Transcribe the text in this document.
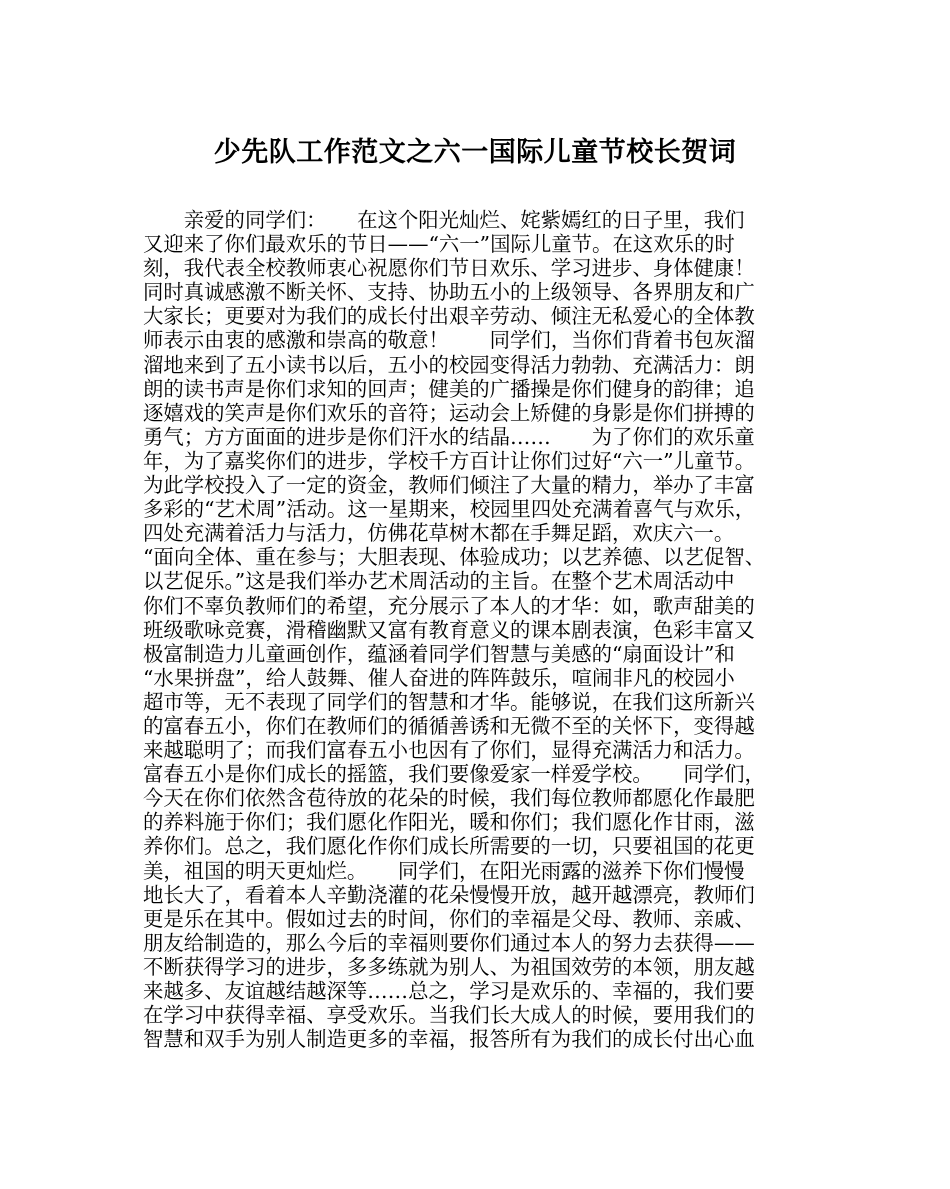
少先队工作范文之六一国际儿童节校长贺词
　　亲爱的同学们：　　在这个阳光灿烂、姹紫嫣红的日子里，我们
又迎来了你们最欢乐的节日——“六一”国际儿童节。在这欢乐的时
刻，我代表全校教师衷心祝愿你们节日欢乐、学习进步、身体健康！
同时真诚感激不断关怀、支持、协助五小的上级领导、各界朋友和广
大家长；更要对为我们的成长付出艰辛劳动、倾注无私爱心的全体教
师表示由衷的感激和崇高的敬意！　　同学们，当你们背着书包灰溜
溜地来到了五小读书以后，五小的校园变得活力勃勃、充满活力：朗
朗的读书声是你们求知的回声；健美的广播操是你们健身的韵律；追
逐嬉戏的笑声是你们欢乐的音符；运动会上矫健的身影是你们拼搏的
勇气；方方面面的进步是你们汗水的结晶……　　为了你们的欢乐童
年，为了嘉奖你们的进步，学校千方百计让你们过好“六一”儿童节。
为此学校投入了一定的资金，教师们倾注了大量的精力，举办了丰富
多彩的“艺术周”活动。这一星期来，校园里四处充满着喜气与欢乐，
四处充满着活力与活力，仿佛花草树木都在手舞足蹈，欢庆六一。
“面向全体、重在参与；大胆表现、体验成功；以艺养德、以艺促智、
以艺促乐。”这是我们举办艺术周活动的主旨。在整个艺术周活动中
你们不辜负教师们的希望，充分展示了本人的才华：如，歌声甜美的
班级歌咏竞赛，滑稽幽默又富有教育意义的课本剧表演，色彩丰富又
极富制造力儿童画创作，蕴涵着同学们智慧与美感的“扇面设计”和
“水果拼盘”，给人鼓舞、催人奋进的阵阵鼓乐，喧闹非凡的校园小
超市等，无不表现了同学们的智慧和才华。能够说，在我们这所新兴
的富春五小，你们在教师们的循循善诱和无微不至的关怀下，变得越
来越聪明了；而我们富春五小也因有了你们，显得充满活力和活力。
富春五小是你们成长的摇篮，我们要像爱家一样爱学校。　　同学们，
今天在你们依然含苞待放的花朵的时候，我们每位教师都愿化作最肥
的养料施于你们；我们愿化作阳光，暖和你们；我们愿化作甘雨，滋
养你们。总之，我们愿化作你们成长所需要的一切，只要祖国的花更
美，祖国的明天更灿烂。　　同学们，在阳光雨露的滋养下你们慢慢
地长大了，看着本人辛勤浇灌的花朵慢慢开放，越开越漂亮，教师们
更是乐在其中。假如过去的时间，你们的幸福是父母、教师、亲戚、
朋友给制造的，那么今后的幸福则要你们通过本人的努力去获得——
不断获得学习的进步，多多练就为别人、为祖国效劳的本领，朋友越
来越多、友谊越结越深等……总之，学习是欢乐的、幸福的，我们要
在学习中获得幸福、享受欢乐。当我们长大成人的时候，要用我们的
智慧和双手为别人制造更多的幸福，报答所有为我们的成长付出心血
